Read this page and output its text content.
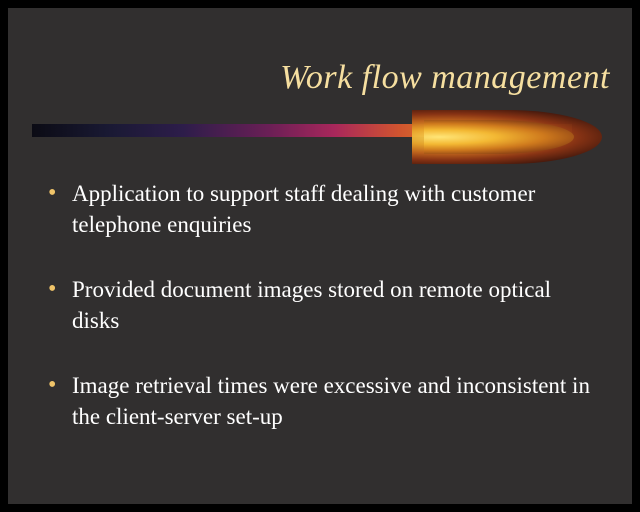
Work flow management
• Application to support staff dealing with customer telephone enquiries
• Provided document images stored on remote optical disks
• Image retrieval times were excessive and inconsistent in the client-server set-up
